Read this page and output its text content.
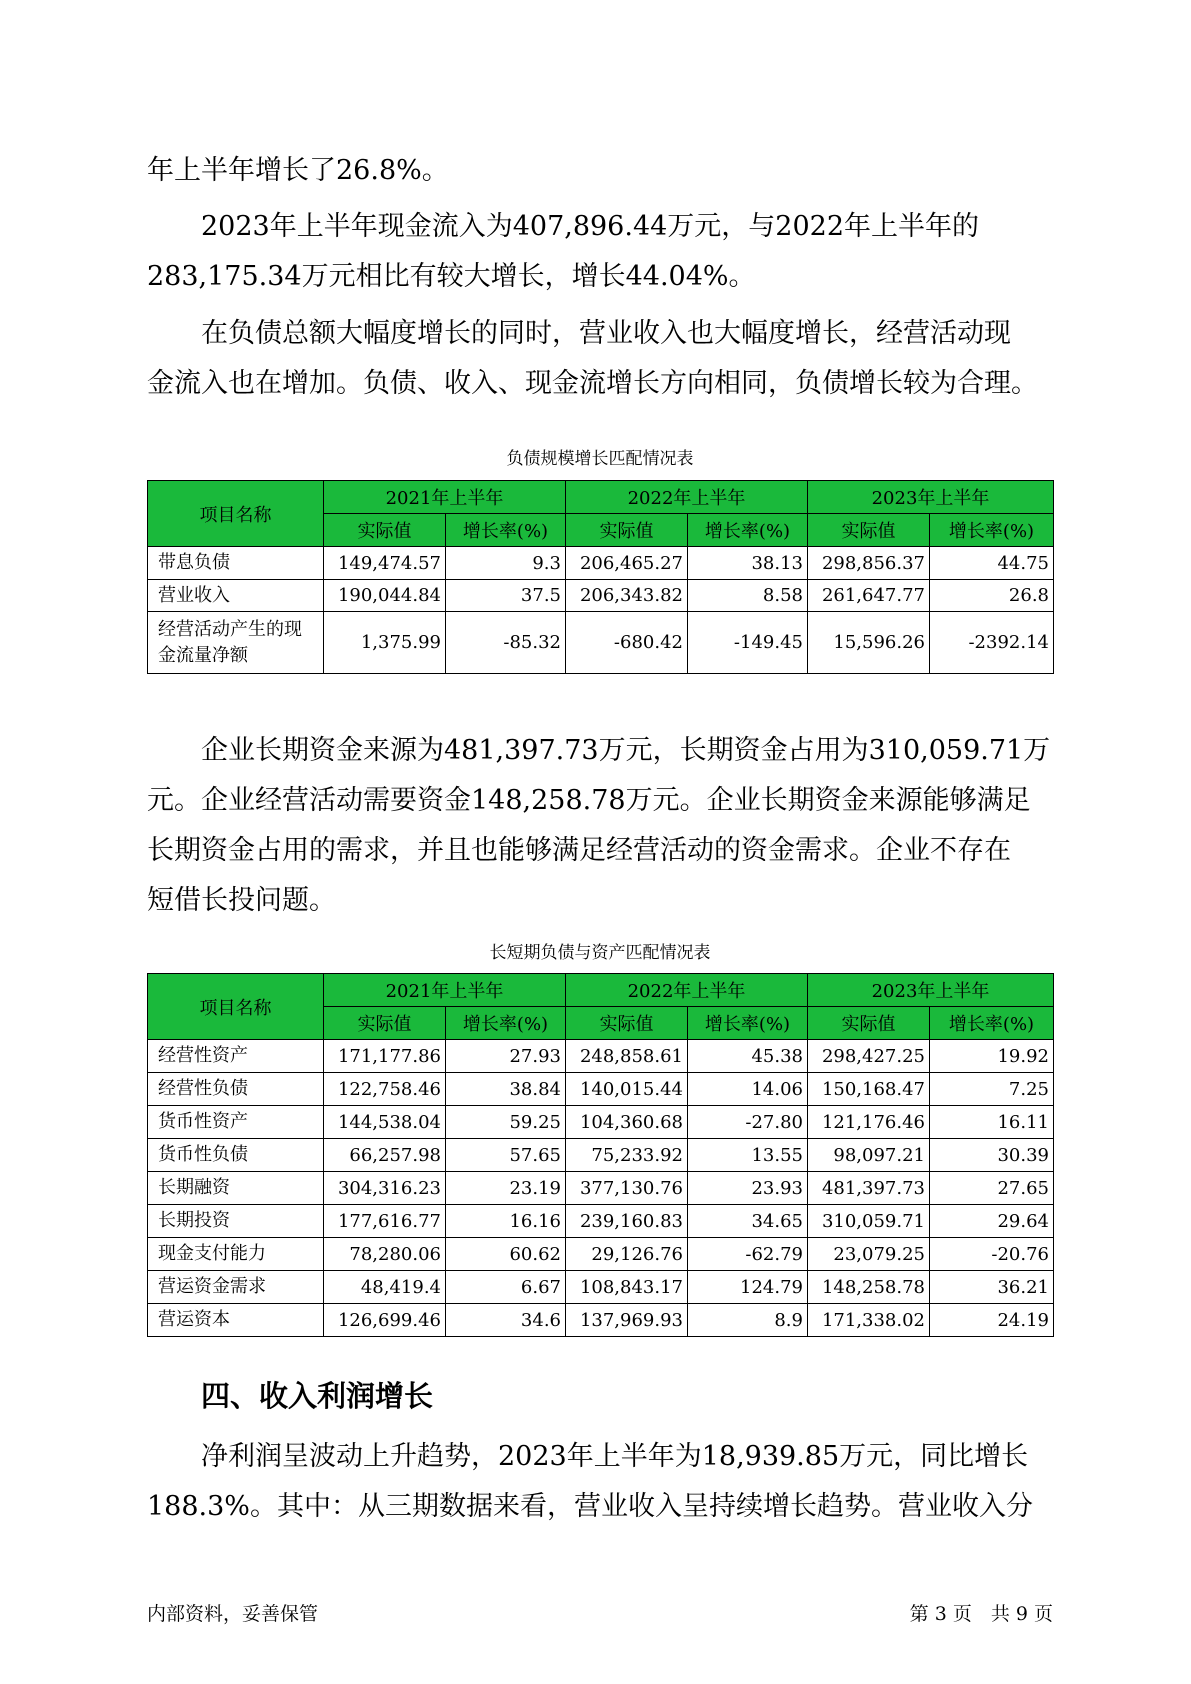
年上半年增长了26.8%。

2023年上半年现金流入为407,896.44万元，与2022年上半年的
283,175.34万元相比有较大增长，增长44.04%。

在负债总额大幅度增长的同时，营业收入也大幅度增长，经营活动现
金流入也在增加。负债、收入、现金流增长方向相同，负债增长较为合理。

负债规模增长匹配情况表
项目名称	2021年上半年		2022年上半年		2023年上半年	
	实际值	增长率(%)	实际值	增长率(%)	实际值	增长率(%)
带息负债	149,474.57	9.3	206,465.27	38.13	298,856.37	44.75
营业收入	190,044.84	37.5	206,343.82	8.58	261,647.77	26.8
经营活动产生的现金流量净额	1,375.99	-85.32	-680.42	-149.45	15,596.26	-2392.14

企业长期资金来源为481,397.73万元，长期资金占用为310,059.71万
元。企业经营活动需要资金148,258.78万元。企业长期资金来源能够满足
长期资金占用的需求，并且也能够满足经营活动的资金需求。企业不存在
短借长投问题。

长短期负债与资产匹配情况表
项目名称	2021年上半年		2022年上半年		2023年上半年	
	实际值	增长率(%)	实际值	增长率(%)	实际值	增长率(%)
经营性资产	171,177.86	27.93	248,858.61	45.38	298,427.25	19.92
经营性负债	122,758.46	38.84	140,015.44	14.06	150,168.47	7.25
货币性资产	144,538.04	59.25	104,360.68	-27.80	121,176.46	16.11
货币性负债	66,257.98	57.65	75,233.92	13.55	98,097.21	30.39
长期融资	304,316.23	23.19	377,130.76	23.93	481,397.73	27.65
长期投资	177,616.77	16.16	239,160.83	34.65	310,059.71	29.64
现金支付能力	78,280.06	60.62	29,126.76	-62.79	23,079.25	-20.76
营运资金需求	48,419.4	6.67	108,843.17	124.79	148,258.78	36.21
营运资本	126,699.46	34.6	137,969.93	8.9	171,338.02	24.19
四、收入利润增长

净利润呈波动上升趋势，2023年上半年为18,939.85万元，同比增长
188.3%。其中：从三期数据来看，营业收入呈持续增长趋势。营业收入分

内部资料，妥善保管	第 3 页　共 9 页
